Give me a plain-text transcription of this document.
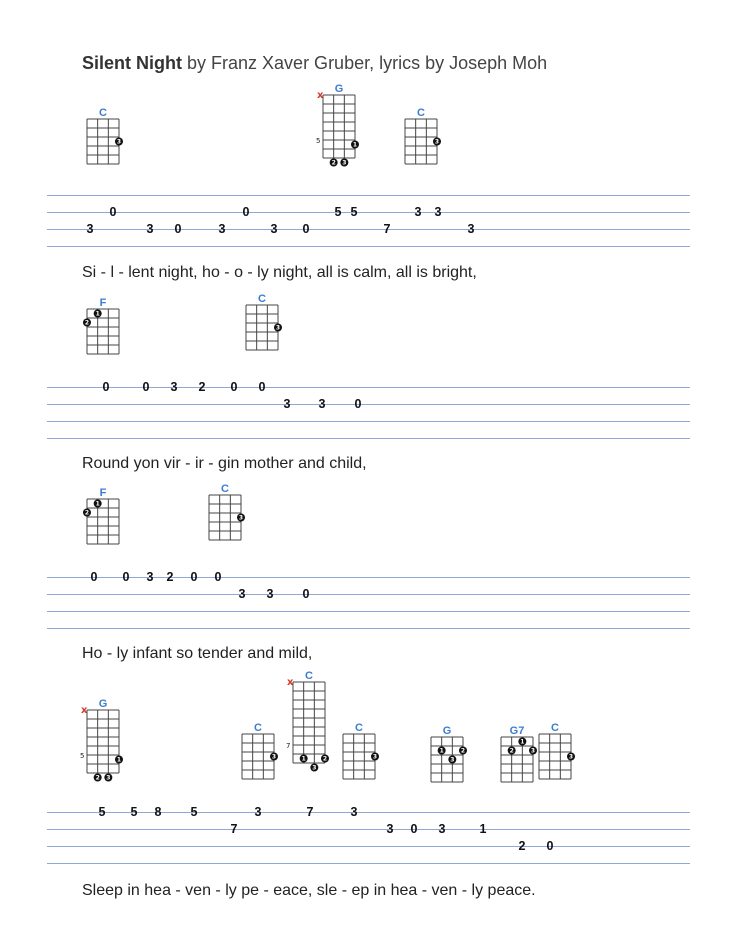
Silent Night by Franz Xaver Gruber, lyrics by Joseph Moh
0
3	3 0	3
0
3 0
5 5
7
3 3
3
0	0 3 2 0
3
0
3 0
0 0 3 2 0
3
0
3 0
5 5 8 5
7
3	7	3
3 0 3	1
2 0
C
3
G
x
5
1
2 3
C
3
F
1
2
C
3
F
1
2
C
3
G
x
5
1
2 3
C
3
C
x
7
1	2
3
C
3
G
1	2
3
G7
1
2	3
C
3
Si - l - lent night, ho - o - ly night, all is calm, all is bright,
Round yon vir - ir - gin mother and child,
Ho - ly infant so tender and mild,
Sleep in hea - ven - ly pe - eace, sle - ep in hea - ven - ly peace.
